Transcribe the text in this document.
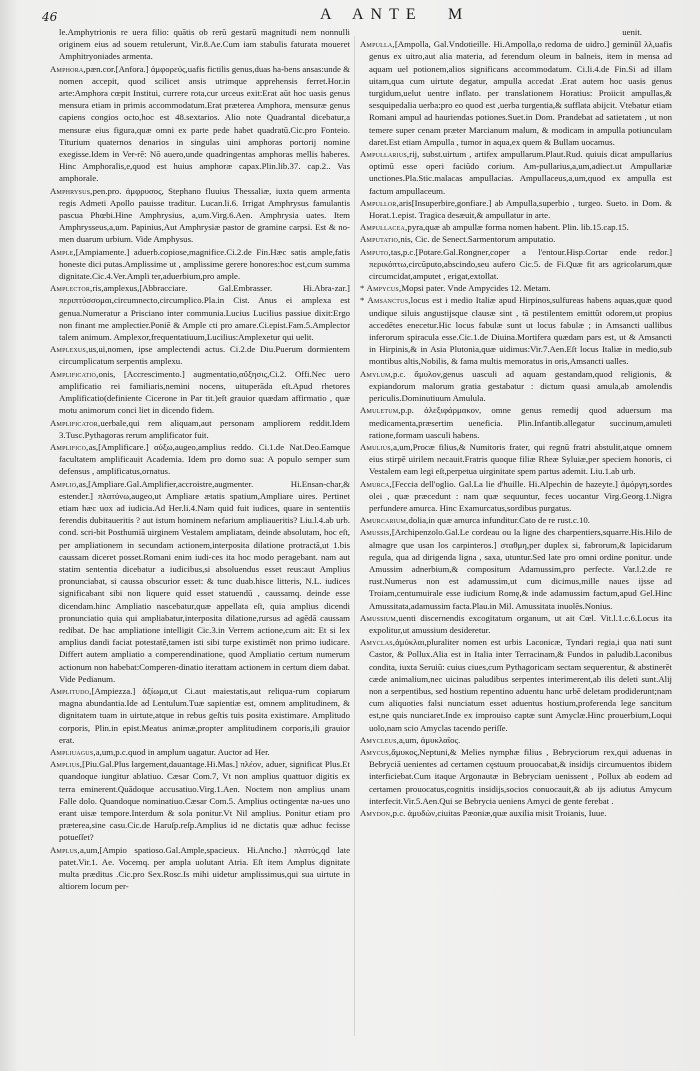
46	A ANTE M
le.Amphytrionis re uera filio: quātis ob rerū gestarū magnitudi nem nonnulli originem eius ad souem retulerunt, Vir.8.Ae.Cum iam stabulis faturata moueret Amphitryoniades armenta.
Amphora,pæn.cor.[Anfora.] ἀμφορεύς,uafis fictilis genus,duas ha-bens ansas:unde & nomen accepit, quod scilicet ansis utrimque apprehensis ferret.Hor.in arte:Amphora cœpit Institui, currere rota,cur urceus exit:Erat aūt hoc uasis genus mensura etiam in primis accommodatum.Erat præterea Amphora, mensuræ genus capiens congios octo,hoc est 48.sextarios. Alio note Quadrantal dicebatur,a mensuræ eius figura,quæ omni ex parte pede habet quadratū.Cic.pro Fonteio. Titurium quaternos denarios in singulas uini amphoras portorij nomine exegisse.Idem in Ver-rē: Nō auero,unde quadringentas amphoras mellis haberes. Hinc Amphoralis,e,quod est huius amphoræ capax.Plin.lib.37. cap.2.. Vas amphorale.
Amphrysus,pen.pro. ἀμφρυσος, Stephano fluuius Thessaliæ, iuxta quem armenta regis Admeti Apollo pauisse traditur. Lucan.li.6. Irrigat Amphrysus famulantis pascua Phœbi.Hine Amphrysius, a,um.Virg.6.Aen. Amphrysia uates. Item Amphrysseus,a,um. Papinius,Aut Amphrysiæ pastor de gramine carpsi. Est & no-men duarum urbium. Vide Amphysus.
Ample,[Ampiamente.] aduerb.copiose,magnifice.Ci.2.de Fin.Hæc satis ample,fatis honeste dici putas.Amplissime ut , amplissime gerere honores:hoc est,cum summa dignitate.Cic.4.Ver.Ampli ter,aduerbium,pro ample.
Amplector,ris,amplexus,[Abbracciare. Gal.Embrasser. Hi.Abra-zar.] περιπτύσσομαι,circumnecto,circumplico.Pla.in Cist. Anus ei amplexa est genua.Numeratur a Prisciano inter communia.Lucius Lucilius passiue dixit:Ergo non finant me amplectier.Poniē & Ample cti pro amare.Ci.epist.Fam.5.Amplector talem animum. Amplexor,frequentatiuum,Lucilius:Amplexetur qui uelit.
Amplexus,us,ui,nomen, ipse amplectendi actus. Ci.2.de Diu.Puerum dormientem circumplicatum serpentis amplexu.
Amplificatio,onis, [Accrescimento.] augmentatio,αὔξησις,Ci.2. Offi.Nec uero amplificatio rei familiaris,nemini nocens, uituperāda eſt.Apud rhetores Amplificatio(definiente Cicerone in Par tit.)eſt grauior quædam affirmatio , quæ motu animorum conci liet in dicendo fidem.
Amplificator,uerbale,qui rem aliquam,aut personam ampliorem reddit.Idem 3.Tusc.Pythagoras rerum amplificator fuit.
Amplifico,as,[Amplificare.] αὐξω,augeo,amplius reddo. Ci.1.de Nat.Deo.Eamque facultatem amplificauit Academia. Idem pro domo sua: A populo semper sum defensus , amplificatus,ornatus.
Amplio,as,[Ampliare.Gal.Amplifier,accroistre,augmenter. Hi.Ensan-char,& estender.] πλατύνω,augeo,ut Ampliare ætatis spatium,Ampliare uires. Pertinet etiam hæc uox ad iudicia.Ad Her.li.4.Nam quid fuit iudices, quare in sententiis ferendis dubitaueritis ? aut istum hominem nefarium ampliaueritis? Liu.l.4.ab urb. cond. scri-bit Posthumiā uirginem Vestalem ampliatam, deinde absolutam, hoc eſt, per ampliationem in secundam actionem,interposita dilatione protractā,ut 1.bis caussam diceret posset.Romani enim iudi-ces ita hoc modo peragebant. nam aut statim sententia dicebatur a iudicibus,si absoluendus esset reus:aut Amplius pronunciabat, si caussa obscurior esset: & tunc duab.hisce litteris, N.L. iudices significabant sibi non liquere quid esset statuendū , caussamq. deinde esse dicendam.hinc Ampliatio nascebatur,quæ appellata eſt, quia amplius dicendi pronunciatio quia qui ampliabatur,interposita dilatione,rursus ad agēdā caussam redibat. De hac ampliatione intelligit Cic.3.in Verrem actione,cum ait: Et si lex amplius dandi faciat potestatē,tamen isti sibi turpe existimēt non primo iudicare. Differt autem ampliatio a comperendinatione, quod Ampliatio certum numerum actionum non habebat:Comperen-dinatio iterattam actionem in certum diem dabat. Vide Pedianum.
Amplitudo,[Ampiezza.] ἀξίωμα,ut Ci.aut maiestatis,aut reliqua-rum copiarum magna abundantia.Ide ad Lentulum.Tuæ sapientiæ est, omnem amplitudinem, & dignitatem tuam in uirtute,atque in rebus geſtis tuis posita existimare. Amplitudo corporis, Plin.in epist.Meatus animæ,propter amplitudinem corporis,ili grauior erat.
Ampliuagus,a,um,p.c.quod in amplum uagatur. Auctor ad Her.
Amplius,[Piu.Gal.Plus largement,dauantage.Hi.Mas.] πλέον, aduer, significat Plus.Et quandoque iungitur ablatiuo. Cæsar Com.7, Vt non amplius quattuor digitis ex terra eminerent.Quādoque accusatiuo.Virg.1.Aen. Noctem non amplius unam Falle dolo. Quandoque nominatiuo.Cæsar Com.5. Amplius octingentæ na-ues uno erant uisæ tempore.Interdum & sola ponitur.Vt Nil amplius. Ponitur etiam pro præterea,sine casu.Cic.de Haruſp.reſp.Amplius id ne dictatis quæ adhuc fecisse potueſſet?
Amplus,a,um,[Ampio spatioso.Gal.Ample,spacieux. Hi.Ancho.] πλατύς,qd late patet.Vir.1. Ae. Vocemq. per ampla uolutant Atria. Eſt item Amplus dignitate multa præditus .Cic.pro Sex.Rosc.Is mihi uidetur amplissimus,qui sua uirtute in altiorem locum per-
uenit.
Ampulla,[Ampolla, Gal.Vndotieille. Hi.Ampolla,o redoma de uidro.] geminūl λλ,uafis genus ex uitro,aut alia materia, ad ferendum oleum in balneis, item in mensa ad aquam uel potionem,alios significans accommodatum. Ci.li.4.de Fin.Si ad illam uitam,qua cum uirtute degatur, ampulla accedat .Erat autem hoc uasis genus turgidum,uelut uentre inflato. per translationem Horatius: Proiicit ampullas,& sesquipedalia uerba:pro eo quod est ,uerba turgentia,& sufflata abijcit. Vtebatur etiam Romani ampul ad hauriendas potiones.Suet.in Dom. Prandebat ad satietatem , ut non temere super cenam præter Marcianum malum, & modicam in ampulla potiunculam daret.Est etiam Ampulla , tumor in aqua,ex quem & Bullam uocamus.
Ampullarius,rij, subst.uirtum , artifex ampullarum.Plaut.Rud. quiuis dicat ampullarius optimū esse operi faciūdo corium. Am-pullarius,a,um,adiect.ut Ampullariæ unctiones.Pla.Stic.malacas ampullacias. Ampullaceus,a,um,quod ex ampulla est factum ampullaceum.
Ampullor,aris[Insuperbire,gonfiare.] ab Ampulla,superbio , turgeo. Sueto. in Dom. & Horat.1.epist. Tragica desæuit,& ampullatur in arte.
Ampullacea,pyra,quæ ab ampullæ forma nomen habent. Plin. lib.15.cap.15.
Amputatio,nis, Cic. de Senect.Sarmentorum amputatio.
Amputo,tas,p.c.[Potare.Gal.Rongner,coper a l'entour.Hisp.Cortar ende redor.] περικόπτω,circūputo,abscindo,seu aufero Cic.5. de Fi.Quæ fit ars agricolarum,quæ circumcidat,amputet , erigat,extollat.
* Ampycus,Mopsi pater. Vnde Ampycides 12. Metam.
* Amsanctus,locus est i medio Italiæ apud Hirpinos,sulfureas habens aquas,quæ quod undique siluis angustijsque clausæ sint , tā pestilentem emittūt odorem,ut propius accedētes enecetur.Hic locus fabulæ sunt ut locus fabulæ ; in Amsancti uallibus inferorum spiracula esse.Cic.1.de Diuina.Mortifera quædam pars est, ut & Amsancti in Hirpinis,& in Asia Plutonia,quæ uidimus:Vir.7.Aen.Eſt locus Italiæ in medio,sub montibus altis,Nobilis, & fama multis memoratus in oris,Amsancti ualles.
Amylum,p.c. ἄμυλον,genus uasculi ad aquam gestandam,quod religionis, & expiandorum malorum gratia gestabatur : dictum quasi amula,ab amolendis periculis.Dominutiuum Amulula.
Amuletum,p.p. ἀλεξιφάρμακον, omne genus remedij quod aduersum ma medicamenta,præsertim ueneficia. Plin.Infantib.allegatur succinum,amuleti ratione,formam uasculi habens.
Amulius,a,um,Procæ filius,& Numitoris frater, qui regnū fratri abstulit,atque omnem eius stirpē uirilem necauit.Fratris quoque filiæ Rheæ Syluiæ,per speciem honoris, ci Vestalem eam legi eſt,perpetua uirginitate spem partus ademit. Liu.1.ab urb.
Amurca,[Feccia dell'oglio. Gal.La lie d'huille. Hi.Alpechin de hazeyte.] ἀμόργη,sordes olei , quæ præcedunt : nam quæ sequuntur, feces uocantur Virg.Georg.1.Nigra perfundere amurca. Hinc Examurcatus,sordibus purgatus.
Amurcarium,dolia,in quæ amurca infunditur.Cato de re rust.c.10.
Amussis,[Archipenzolo.Gal.Le cordeau ou la ligne des charpentiers,squarre.His.Hilo de almagre que usan los carpinteros.] σταθμη,per duplex si, fabrorum,& lapicidarum regula, qua ad dirigenda ligna , saxa, utuntur.Sed late pro omni ordine ponitur. unde Amussim adnerbium,& compositum Adamussim,pro perfecte. Var.l.2.de re rust.Numerus non est adamussim,ut cum dicimus,mille naues ijsse ad Troiam,centumuirale esse iudicium Romę,& inde adamussim factum,apud Gel.Hinc Amussitata,adamussim facta.Plau.in Mil. Amussitata inuolēs.Nonius.
Amussium,uenti discernendis excogitatum organum, ut ait Cœl. Vit.l.1.c.6.Locus ita expolitur,ut amussium desideretur.
Amyclas,ἀμύκλαι,pluraliter nomen est urbis Laconicæ, Tyndari regia,i qua nati sunt Castor, & Pollux.Alia est in Italia inter Terracinam,& Fundos in paludib.Laconibus condita, iuxta Seruiū: cuius ciues,cum Pythagoricam sectam sequerentur, & abstinerēt cæde animalium,nec uicinas paludibus serpentes interimerent,ab ilis deleti sunt.Alij non a serpentibus, sed hostium repentino aduentu hanc urbē deletam prodiderunt;nam cum aliquoties falsi nunciatum esset aduentus hostium,proferenda lege sancitum est,ne quis nunciaret.Inde ex improuiso captæ sunt Amyclæ.Hinc prouerbium,Loqui uolo,nam scio Amyclas tacendo periſſe.
Amycleus,a,um, ἀμυκλαῖος.
Amycus,ἄμυκος,Neptuni,& Melies nymphæ filius , Bebryciorum rex,qui aduenas in Bebryciā uenientes ad certamen cęstuum prouocabat,& insidijs circumuentos ibidem interficiebat.Cum itaque Argonautæ in Bebryciam uenissent , Pollux ab eodem ad certamen prouocatus,cognitis insidijs,socios conuocauit,& ab ijs adiutus Amycum interfecit.Vir.5.Aen.Qui se Bebrycia ueniens Amyci de gente ferebat .
Amydon,p.c. ἀμυδὼν,ciuitas Pæoniæ,quæ auxilia misit Troianis, Iuue.
